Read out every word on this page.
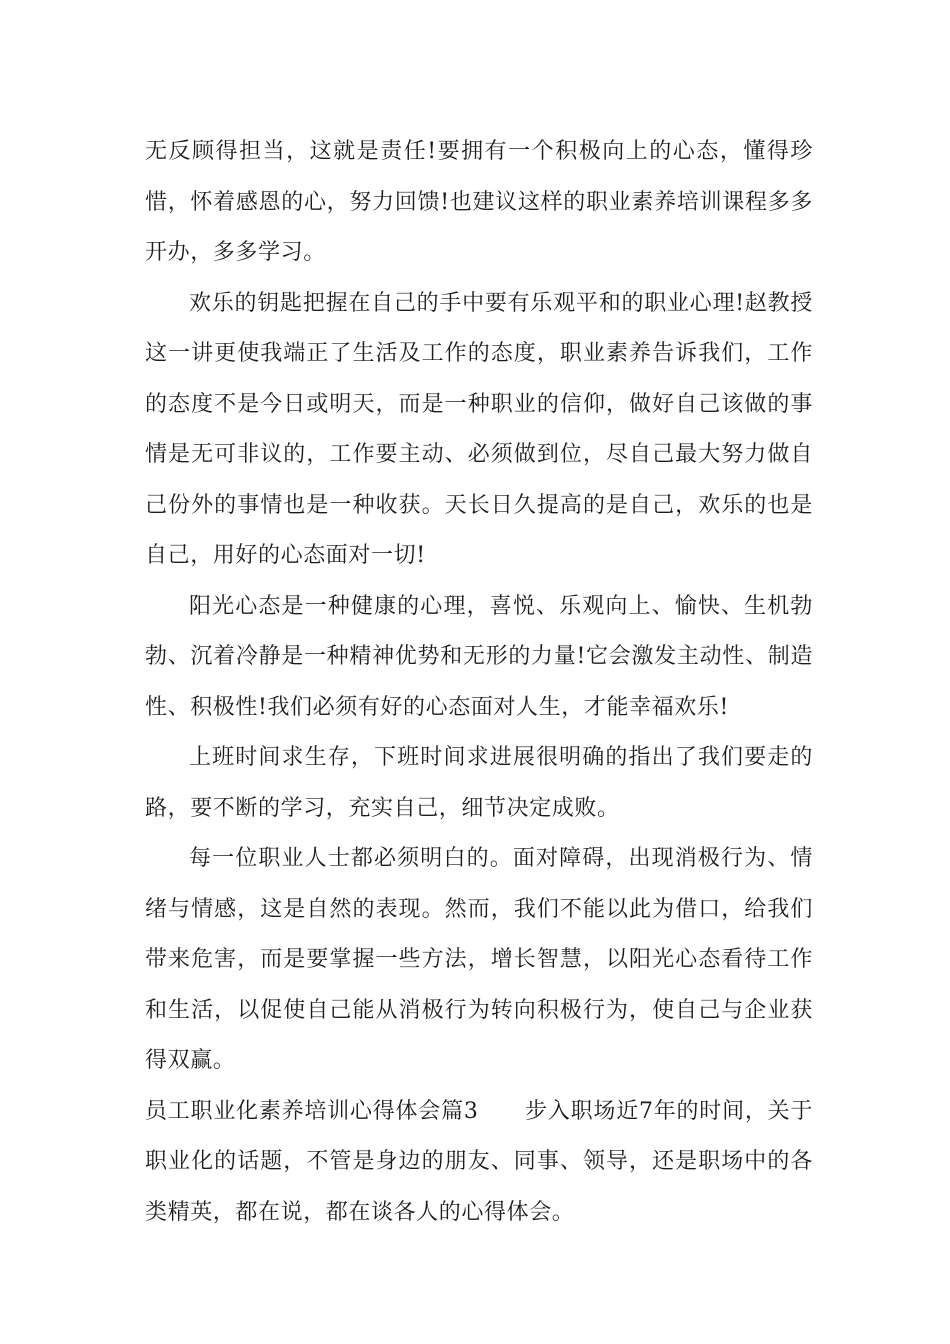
无反顾得担当，这就是责任!要拥有一个积极向上的心态，懂得珍惜，怀着感恩的心，努力回馈!也建议这样的职业素养培训课程多多开办，多多学习。

欢乐的钥匙把握在自己的手中要有乐观平和的职业心理!赵教授这一讲更使我端正了生活及工作的态度，职业素养告诉我们，工作的态度不是今日或明天，而是一种职业的信仰，做好自己该做的事情是无可非议的，工作要主动、必须做到位，尽自己最大努力做自己份外的事情也是一种收获。天长日久提高的是自己，欢乐的也是自己，用好的心态面对一切!

阳光心态是一种健康的心理，喜悦、乐观向上、愉快、生机勃勃、沉着冷静是一种精神优势和无形的力量!它会激发主动性、制造性、积极性!我们必须有好的心态面对人生，才能幸福欢乐!

上班时间求生存，下班时间求进展很明确的指出了我们要走的路，要不断的学习，充实自己，细节决定成败。

每一位职业人士都必须明白的。面对障碍，出现消极行为、情绪与情感，这是自然的表现。然而，我们不能以此为借口，给我们带来危害，而是要掌握一些方法，增长智慧，以阳光心态看待工作和生活，以促使自己能从消极行为转向积极行为，使自己与企业获得双赢。

员工职业化素养培训心得体会篇3 步入职场近7年的时间，关于职业化的话题，不管是身边的朋友、同事、领导，还是职场中的各类精英，都在说，都在谈各人的心得体会。
